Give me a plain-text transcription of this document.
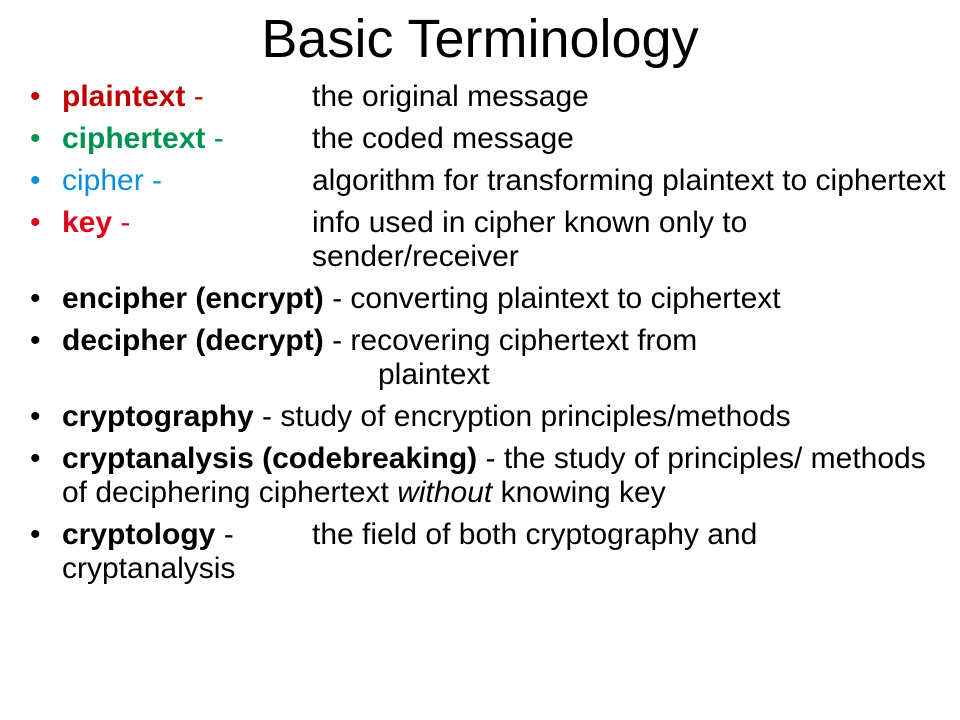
Basic Terminology
• plaintext -	the original message
• ciphertext -	the coded message
• cipher -	algorithm for transforming plaintext to ciphertext
• key -	info used in cipher known only to sender/receiver
• encipher (encrypt) - converting plaintext to ciphertext
• decipher (decrypt) - recovering ciphertext from
plaintext
• cryptography - study of encryption principles/methods
• cryptanalysis (codebreaking) - the study of principles/ methods of deciphering ciphertext without knowing key
• cryptology -	the field of both cryptography and
cryptanalysis
